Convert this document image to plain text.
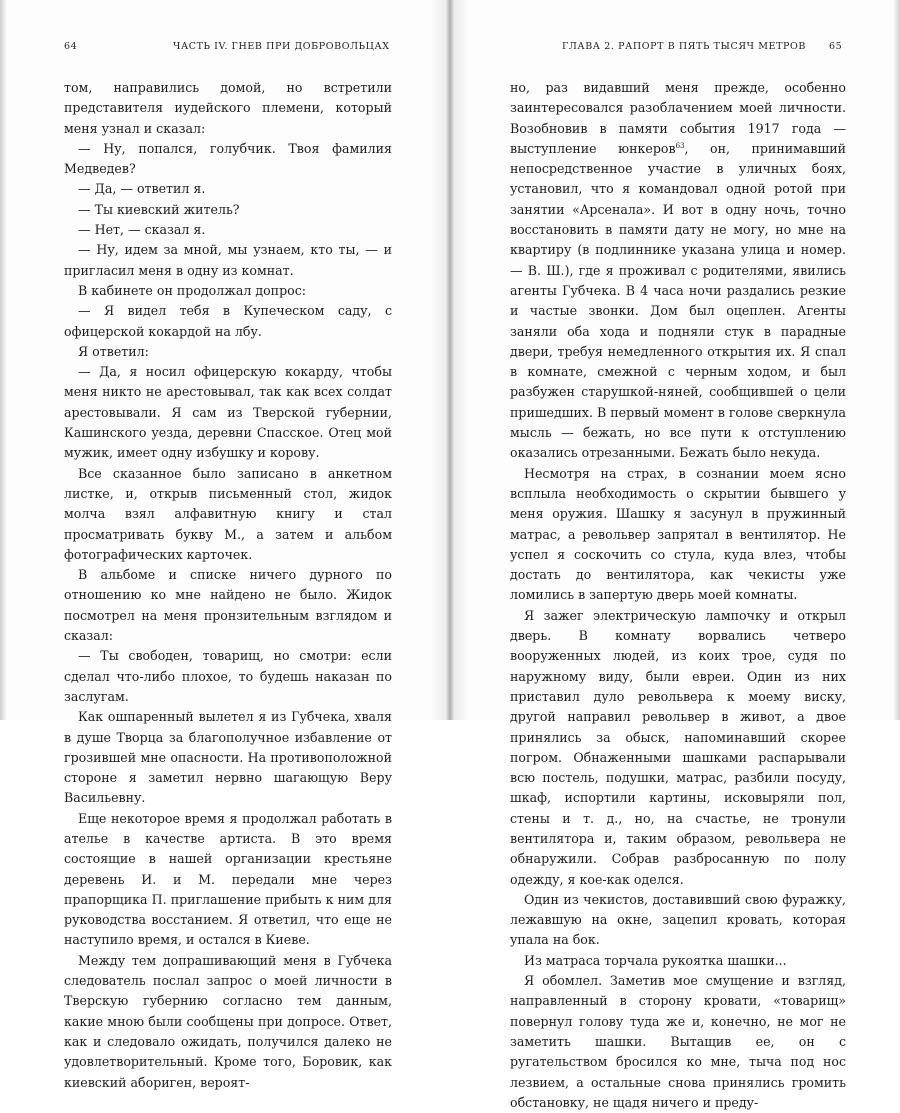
64	ЧАСТЬ IV. ГНЕВ ПРИ ДОБРОВОЛЬЦАХ

том, направились домой, но встретили представителя иудейского племени, который меня узнал и сказал:

— Ну, попался, голубчик. Твоя фамилия Медведев?

— Да, — ответил я.

— Ты киевский житель?

— Нет, — сказал я.

— Ну, идем за мной, мы узнаем, кто ты, — и пригласил меня в одну из комнат.

В кабинете он продолжал допрос:

— Я видел тебя в Купеческом саду, с офицерской кокардой на лбу.

Я ответил:

— Да, я носил офицерскую кокарду, чтобы меня никто не арестовывал, так как всех солдат арестовывали. Я сам из Тверской губернии, Кашинского уезда, деревни Спасское. Отец мой мужик, имеет одну избушку и корову.

Все сказанное было записано в анкетном листке, и, открыв письменный стол, жидок молча взял алфавитную книгу и стал просматривать букву М., а затем и альбом фотографических карточек.

В альбоме и списке ничего дурного по отношению ко мне найдено не было. Жидок посмотрел на меня пронзительным взглядом и сказал:

— Ты свободен, товарищ, но смотри: если сделал что-либо плохое, то будешь наказан по заслугам.

Как ошпаренный вылетел я из Губчека, хваля в душе Творца за благополучное избавление от грозившей мне опасности. На противоположной стороне я заметил нервно шагающую Веру Васильевну.

Еще некоторое время я продолжал работать в ателье в качестве артиста. В это время состоящие в нашей организации крестьяне деревень И. и М. передали мне через прапорщика П. приглашение прибыть к ним для руководства восстанием. Я ответил, что еще не наступило время, и остался в Киеве.

Между тем допрашивающий меня в Губчека следователь послал запрос о моей личности в Тверскую губернию согласно тем данным, какие мною были сообщены при допросе. Ответ, как и следовало ожидать, получился далеко не удовлетворительный. Кроме того, Боровик, как киевский абориген, вероят-

ГЛАВА 2. РАПОРТ В ПЯТЬ ТЫСЯЧ МЕТРОВ 65

но, раз видавший меня прежде, особенно заинтересовался разоблачением моей личности. Возобновив в памяти события 1917 года — выступление юнкеров$^{63}$, он, принимавший непосредственное участие в уличных боях, установил, что я командовал одной ротой при занятии «Арсенала». И вот в одну ночь, точно восстановить в памяти дату не могу, но мне на квартиру (в подлиннике указана улица и номер. — В. Ш.), где я проживал с родителями, явились агенты Губчека. В 4 часа ночи раздались резкие и частые звонки. Дом был оцеплен. Агенты заняли оба хода и подняли стук в парадные двери, требуя немедленного открытия их. Я спал в комнате, смежной с черным ходом, и был разбужен старушкой-няней, сообщившей о цели пришедших. В первый момент в голове сверкнула мысль — бежать, но все пути к отступлению оказались отрезанными. Бежать было некуда.

Несмотря на страх, в сознании моем ясно всплыла необходимость о скрытии бывшего у меня оружия. Шашку я засунул в пружинный матрас, а револьвер запрятал в вентилятор. Не успел я соскочить со стула, куда влез, чтобы достать до вентилятора, как чекисты уже ломились в запертую дверь моей комнаты.

Я зажег электрическую лампочку и открыл дверь. В комнату ворвались четверо вооруженных людей, из коих трое, судя по наружному виду, были евреи. Один из них приставил дуло револьвера к моему виску, другой направил револьвер в живот, а двое принялись за обыск, напоминавший скорее погром. Обнаженными шашками распарывали всю постель, подушки, матрас, разбили посуду, шкаф, испортили картины, исковыряли пол, стены и т. д., но, на счастье, не тронули вентилятора и, таким образом, револьвера не обнаружили. Собрав разбросанную по полу одежду, я кое-как оделся.

Один из чекистов, доставивший свою фуражку, лежавшую на окне, зацепил кровать, которая упала на бок.

Из матраса торчала рукоятка шашки...

Я обомлел. Заметив мое смущение и взгляд, направленный в сторону кровати, «товарищ» повернул голову туда же и, конечно, не мог не заметить шашки. Вытащив ее, он с ругательством бросился ко мне, тыча под нос лезвием, а остальные снова принялись громить обстановку, не щадя ничего и преду-
